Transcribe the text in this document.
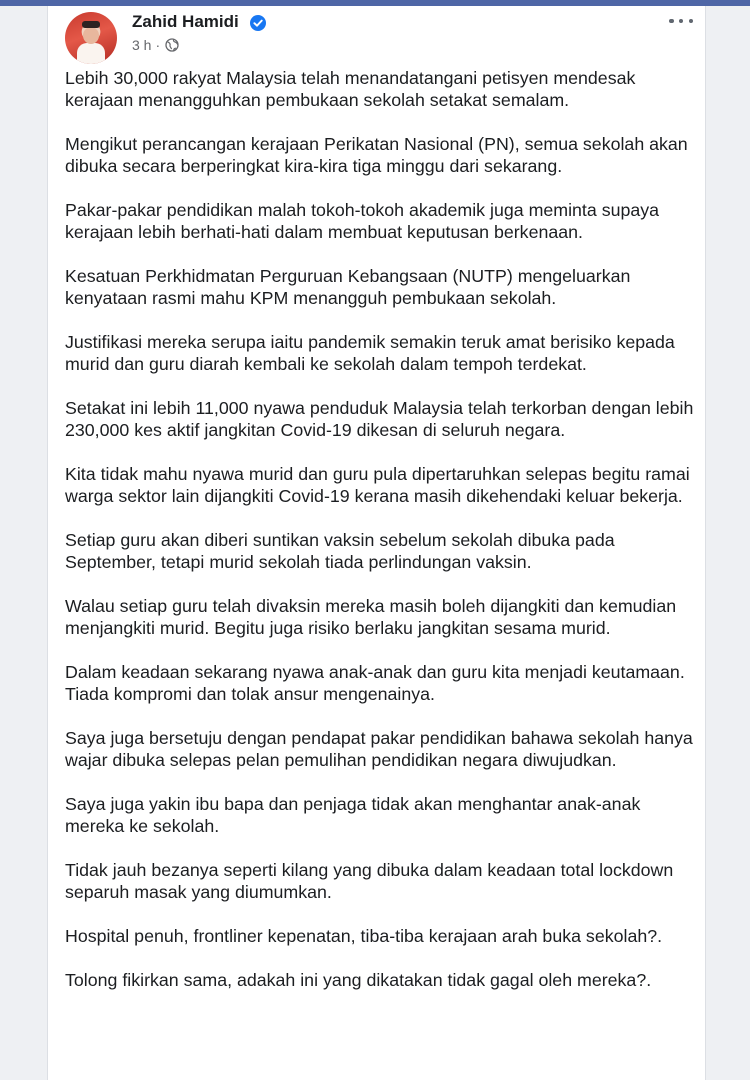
Zahid Hamidi
3 h ·

Lebih 30,000 rakyat Malaysia telah menandatangani petisyen mendesak kerajaan menangguhkan pembukaan sekolah setakat semalam.

Mengikut perancangan kerajaan Perikatan Nasional (PN), semua sekolah akan dibuka secara berperingkat kira-kira tiga minggu dari sekarang.

Pakar-pakar pendidikan malah tokoh-tokoh akademik juga meminta supaya kerajaan lebih berhati-hati dalam membuat keputusan berkenaan.

Kesatuan Perkhidmatan Perguruan Kebangsaan (NUTP) mengeluarkan kenyataan rasmi mahu KPM menangguh pembukaan sekolah.

Justifikasi mereka serupa iaitu pandemik semakin teruk amat berisiko kepada murid dan guru diarah kembali ke sekolah dalam tempoh terdekat.

Setakat ini lebih 11,000 nyawa penduduk Malaysia telah terkorban dengan lebih 230,000 kes aktif jangkitan Covid-19 dikesan di seluruh negara.

Kita tidak mahu nyawa murid dan guru pula dipertaruhkan selepas begitu ramai warga sektor lain dijangkiti Covid-19 kerana masih dikehendaki keluar bekerja.

Setiap guru akan diberi suntikan vaksin sebelum sekolah dibuka pada September, tetapi murid sekolah tiada perlindungan vaksin.

Walau setiap guru telah divaksin mereka masih boleh dijangkiti dan kemudian menjangkiti murid. Begitu juga risiko berlaku jangkitan sesama murid.

Dalam keadaan sekarang nyawa anak-anak dan guru kita menjadi keutamaan. Tiada kompromi dan tolak ansur mengenainya.

Saya juga bersetuju dengan pendapat pakar pendidikan bahawa sekolah hanya wajar dibuka selepas pelan pemulihan pendidikan negara diwujudkan.

Saya juga yakin ibu bapa dan penjaga tidak akan menghantar anak-anak mereka ke sekolah.

Tidak jauh bezanya seperti kilang yang dibuka dalam keadaan total lockdown separuh masak yang diumumkan.

Hospital penuh, frontliner kepenatan, tiba-tiba kerajaan arah buka sekolah?.

Tolong fikirkan sama, adakah ini yang dikatakan tidak gagal oleh mereka?.
